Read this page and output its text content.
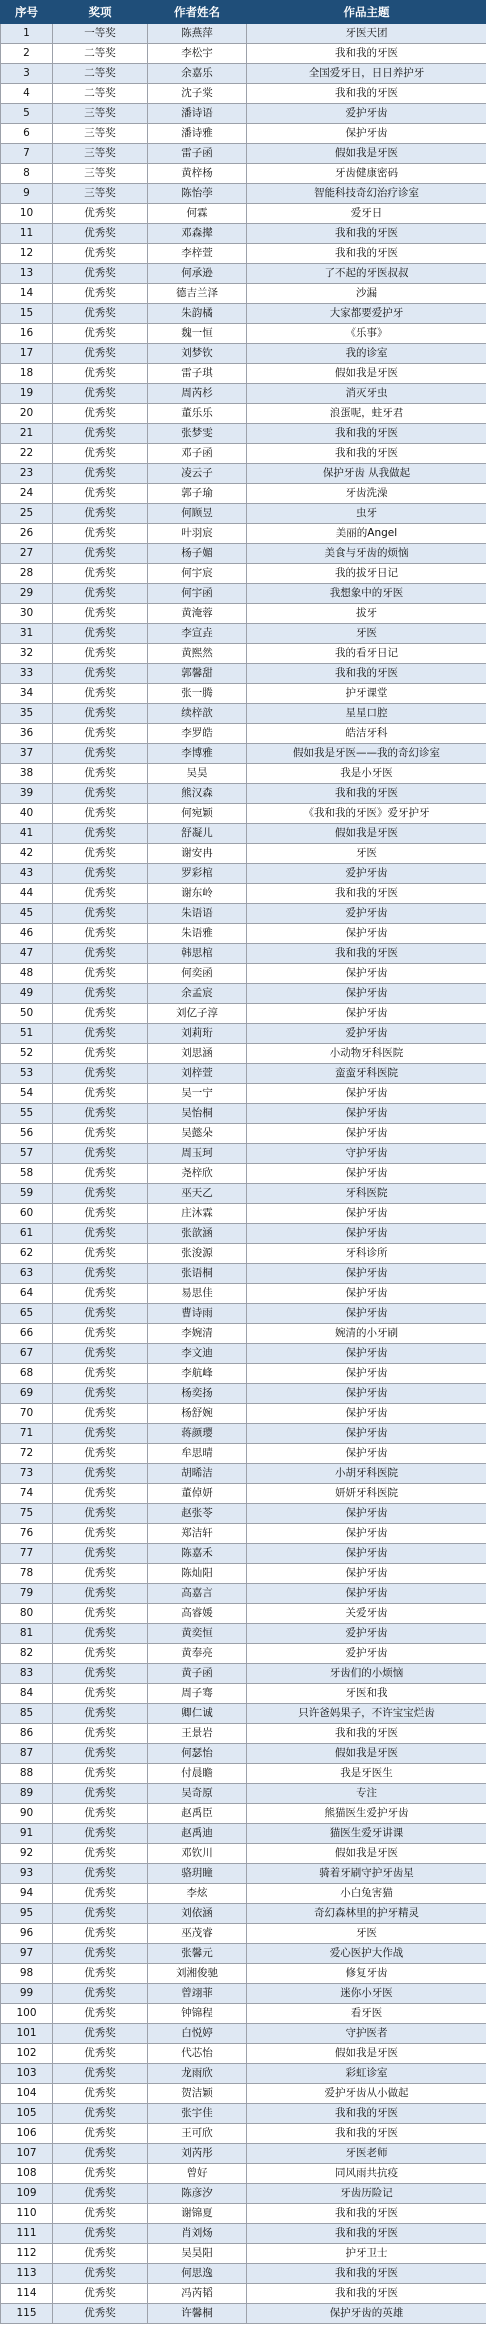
序号	奖项	作者姓名	作品主题
1	一等奖	陈燕萍	牙医天团
2	二等奖	李松宇	我和我的牙医
3	二等奖	余嘉乐	全国爱牙日，日日养护牙
4	二等奖	沈子棠	我和我的牙医
5	三等奖	潘诗语	爱护牙齿
6	三等奖	潘诗雅	保护牙齿
7	三等奖	雷子函	假如我是牙医
8	三等奖	黄梓杨	牙齿健康密码
9	三等奖	陈怡荸	智能科技奇幻治疗诊室
10	优秀奖	何霖	爱牙日
11	优秀奖	邓森撵	我和我的牙医
12	优秀奖	李梓萱	我和我的牙医
13	优秀奖	何承逊	了不起的牙医叔叔
14	优秀奖	德吉兰泽	沙漏
15	优秀奖	朱韵橘	大家都要爱护牙
16	优秀奖	魏一恒	《乐事》
17	优秀奖	刘梦钦	我的诊室
18	优秀奖	雷子琪	假如我是牙医
19	优秀奖	周芮杉	消灭牙虫
20	优秀奖	董乐乐	浪蛋呢，蛀牙君
21	优秀奖	张梦雯	我和我的牙医
22	优秀奖	邓子函	我和我的牙医
23	优秀奖	凌云子	保护牙齿 从我做起
24	优秀奖	郭子瑜	牙齿洗澡
25	优秀奖	何顾昱	虫牙
26	优秀奖	叶羽宸	美丽的Angel
27	优秀奖	杨子媚	美食与牙齿的烦恼
28	优秀奖	何宇宸	我的拔牙日记
29	优秀奖	何宇函	我想象中的牙医
30	优秀奖	黄淹蓉	拔牙
31	优秀奖	李宣垚	牙医
32	优秀奖	黄熙然	我的看牙日记
33	优秀奖	郭馨甜	我和我的牙医
34	优秀奖	张一腾	护牙课堂
35	优秀奖	续梓歆	星星口腔
36	优秀奖	李罗皓	皓洁牙科
37	优秀奖	李博雅	假如我是牙医——我的奇幻诊室
38	优秀奖	吴昊	我是小牙医
39	优秀奖	熊汉森	我和我的牙医
40	优秀奖	何宛颖	《我和我的牙医》爱牙护牙
41	优秀奖	舒凝儿	假如我是牙医
42	优秀奖	谢安冉	牙医
43	优秀奖	罗彩棺	爱护牙齿
44	优秀奖	谢东岭	我和我的牙医
45	优秀奖	朱语语	爱护牙齿
46	优秀奖	朱语雅	保护牙齿
47	优秀奖	韩思棺	我和我的牙医
48	优秀奖	何奕函	保护牙齿
49	优秀奖	余孟宸	保护牙齿
50	优秀奖	刘亿子淳	保护牙齿
51	优秀奖	刘莉珩	爱护牙齿
52	优秀奖	刘思涵	小动物牙科医院
53	优秀奖	刘梓萱	蛮蛮牙科医院
54	优秀奖	吴一宁	保护牙齿
55	优秀奖	吴怡桐	保护牙齿
56	优秀奖	吴懿朵	保护牙齿
57	优秀奖	周玉珂	守护牙齿
58	优秀奖	尧梓欣	保护牙齿
59	优秀奖	巫天乙	牙科医院
60	优秀奖	庄沐霖	保护牙齿
61	优秀奖	张歆涵	保护牙齿
62	优秀奖	张浚源	牙科诊所
63	优秀奖	张语桐	保护牙齿
64	优秀奖	易思佳	保护牙齿
65	优秀奖	曹诗雨	保护牙齿
66	优秀奖	李婉清	婉清的小牙刷
67	优秀奖	李文迪	保护牙齿
68	优秀奖	李航峰	保护牙齿
69	优秀奖	杨奕扬	保护牙齿
70	优秀奖	杨舒婉	保护牙齿
71	优秀奖	蒋颜璎	保护牙齿
72	优秀奖	牟思晴	保护牙齿
73	优秀奖	胡晞洁	小胡牙科医院
74	优秀奖	董倬妍	妍妍牙科医院
75	优秀奖	赵张苓	保护牙齿
76	优秀奖	郑洁轩	保护牙齿
77	优秀奖	陈嘉禾	保护牙齿
78	优秀奖	陈灿阳	保护牙齿
79	优秀奖	高嘉言	保护牙齿
80	优秀奖	高睿媛	关爱牙齿
81	优秀奖	黄奕恒	爱护牙齿
82	优秀奖	黄奉亮	爱护牙齿
83	优秀奖	黄子函	牙齿们的小烦恼
84	优秀奖	周子骞	牙医和我
85	优秀奖	卿仁诚	只许爸妈果子，不许宝宝烂齿
86	优秀奖	王景岩	我和我的牙医
87	优秀奖	何瑟怡	假如我是牙医
88	优秀奖	付晨瞻	我是牙医生
89	优秀奖	吴奇原	专注
90	优秀奖	赵禹臣	熊猫医生爱护牙齿
91	优秀奖	赵禹迪	猫医生爱牙讲课
92	优秀奖	邓钦川	假如我是牙医
93	优秀奖	骆玥瞳	骑着牙刷守护牙齿星
94	优秀奖	李炫	小白兔害猫
95	优秀奖	刘依涵	奇幻森林里的护牙精灵
96	优秀奖	巫茂睿	牙医
97	优秀奖	张馨元	爱心医护大作战
98	优秀奖	刘湘俊驰	修复牙齿
99	优秀奖	曾翊菲	迷你小牙医
100	优秀奖	钟锦程	看牙医
101	优秀奖	白悦婷	守护医者
102	优秀奖	代芯怡	假如我是牙医
103	优秀奖	龙雨欣	彩虹诊室
104	优秀奖	贺洁颖	爱护牙齿从小做起
105	优秀奖	张宇佳	我和我的牙医
106	优秀奖	王可欣	我和我的牙医
107	优秀奖	刘芮彤	牙医老师
108	优秀奖	曾好	同风雨共抗疫
109	优秀奖	陈彦汐	牙齿历险记
110	优秀奖	谢锦夏	我和我的牙医
111	优秀奖	肖刘炀	我和我的牙医
112	优秀奖	吴昊阳	护牙卫士
113	优秀奖	何思逸	我和我的牙医
114	优秀奖	冯芮韬	我和我的牙医
115	优秀奖	许馨桐	保护牙齿的英雄
